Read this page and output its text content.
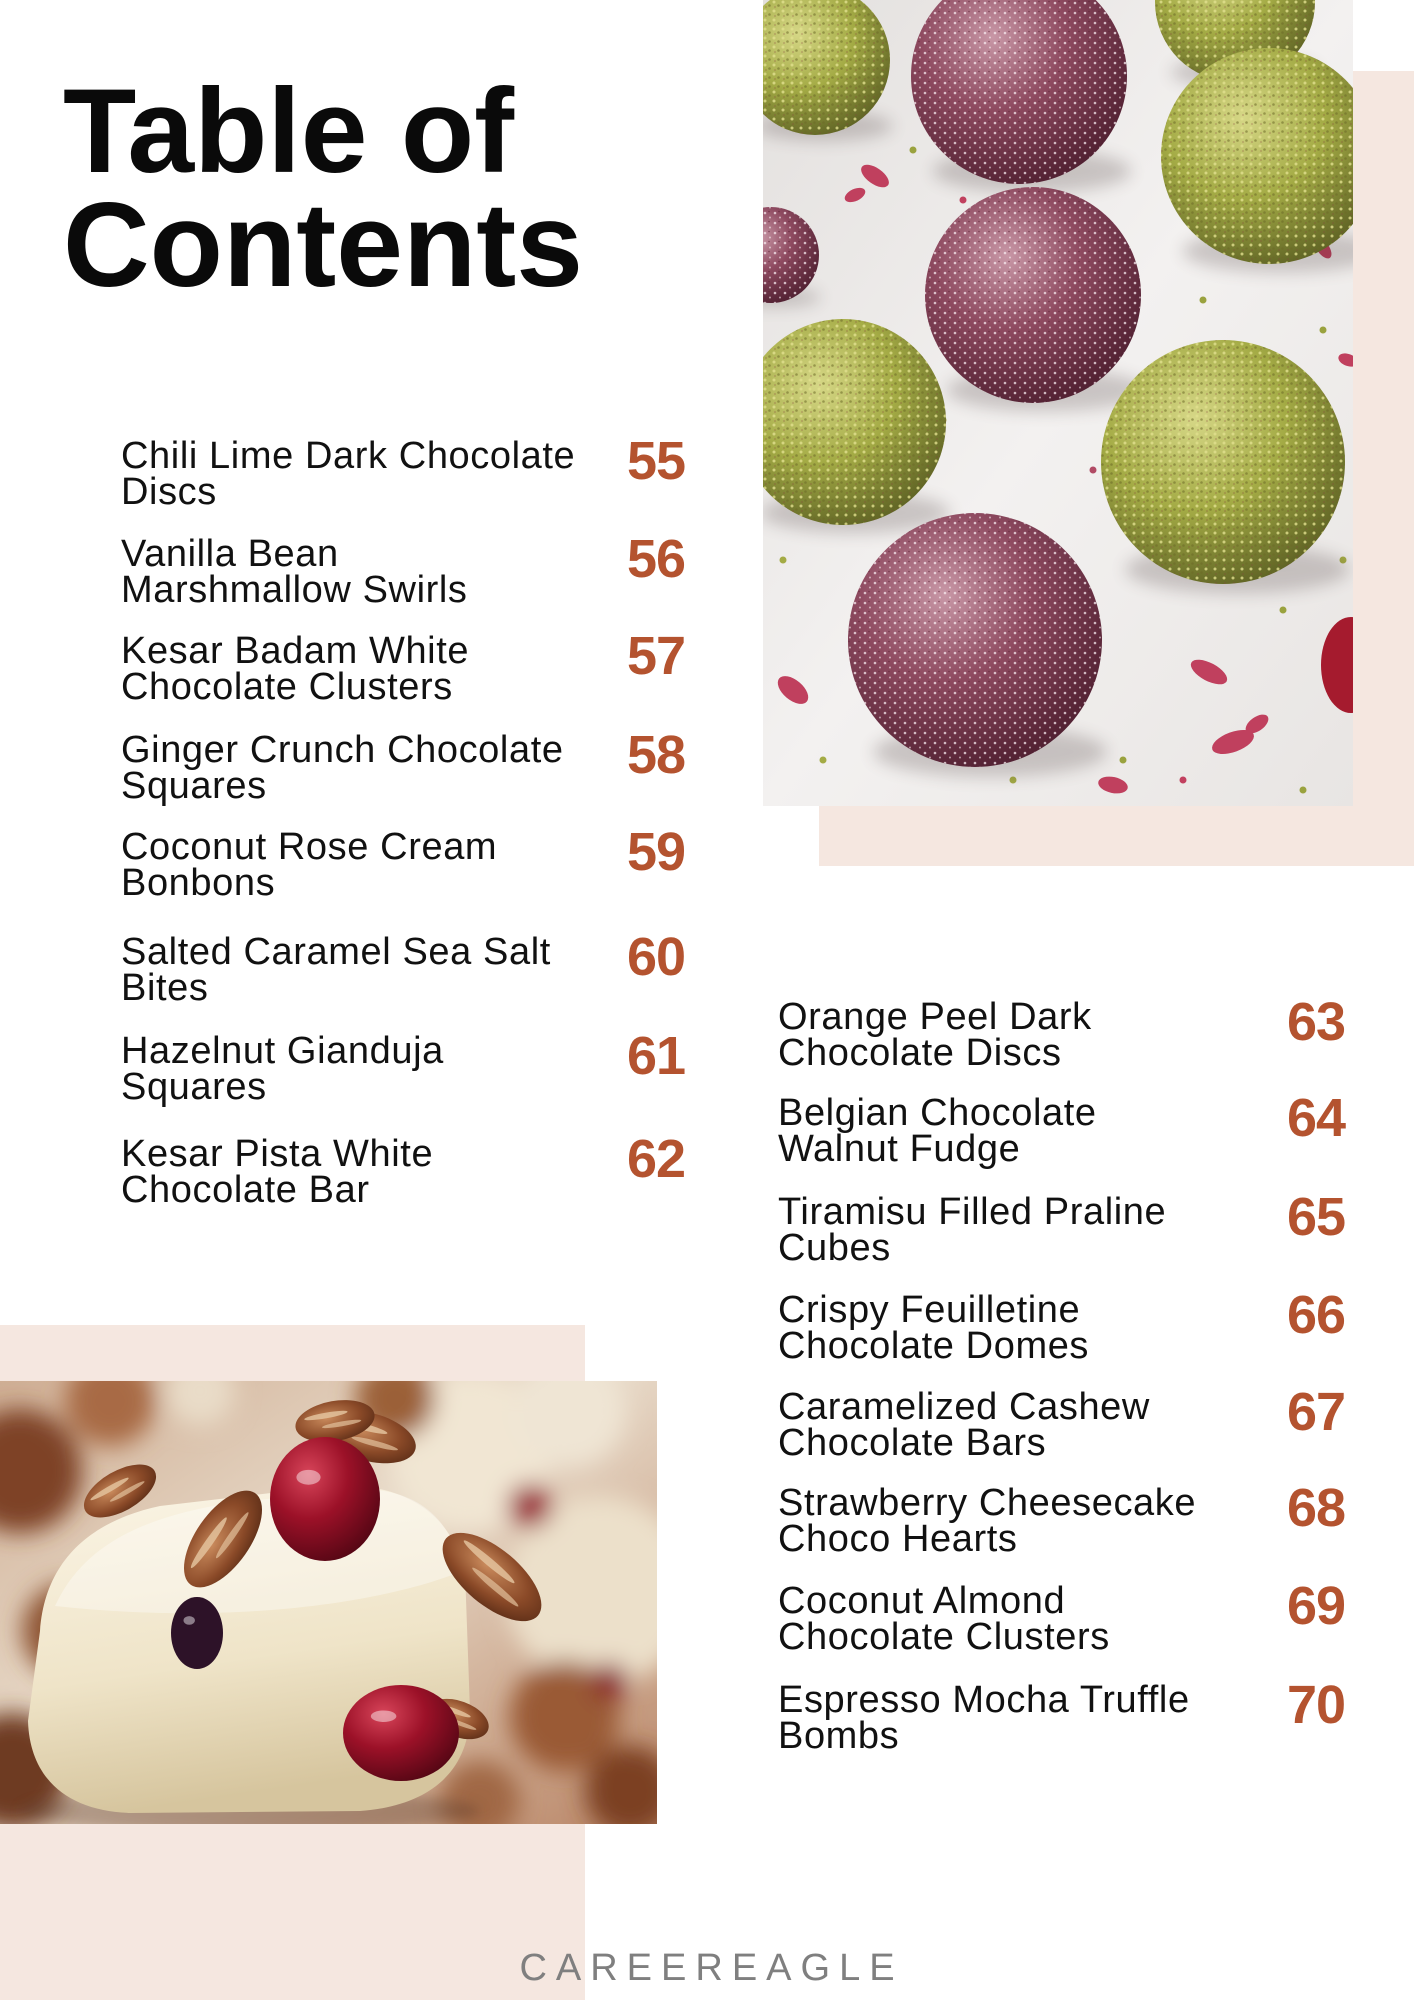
Table of
Contents
Chili Lime Dark Chocolate
Discs
55
Vanilla Bean
Marshmallow Swirls
56
Kesar Badam White
Chocolate Clusters
57
Ginger Crunch Chocolate
Squares
58
Coconut Rose Cream
Bonbons
59
Salted Caramel Sea Salt
Bites
60
Hazelnut Gianduja
Squares
61
Kesar Pista White
Chocolate Bar
62
Orange Peel Dark
Chocolate Discs
63
Belgian Chocolate
Walnut Fudge
64
Tiramisu Filled Praline
Cubes
65
Crispy Feuilletine
Chocolate Domes
66
Caramelized Cashew
Chocolate Bars
67
Strawberry Cheesecake
Choco Hearts
68
Coconut Almond
Chocolate Clusters
69
Espresso Mocha Truffle
Bombs
70
CAREEREAGLE
